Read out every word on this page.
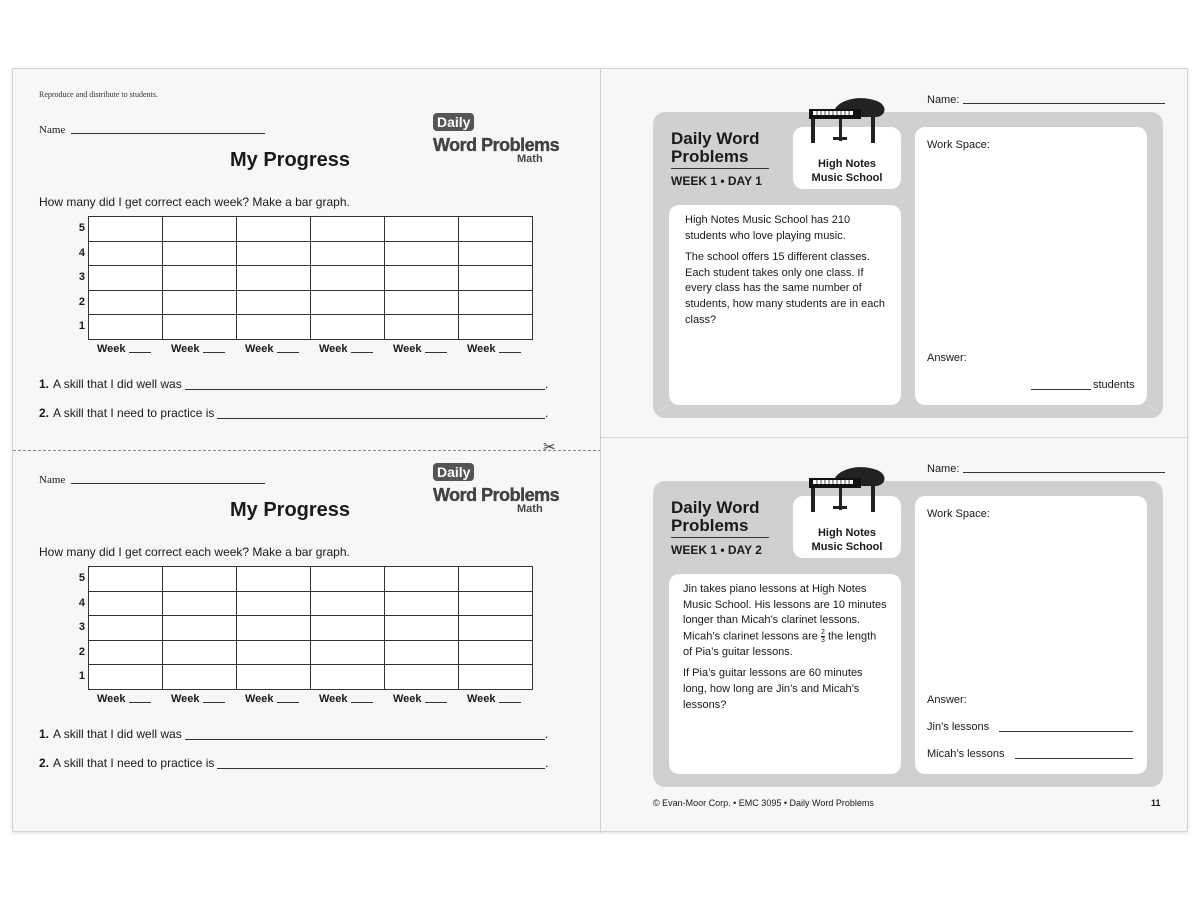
Reproduce and distribute to students.
Name
My Progress
Daily
Word Problems
Math
How many did I get correct each week? Make a bar graph.
5
4
3
2
1

Week	Week	Week	Week	Week	Week
1. A skill that I did well was	.
2. A skill that I need to practice is	.
✂
Name
My Progress
Daily
Word Problems
Math
How many did I get correct each week? Make a bar graph.
5
4
3
2
1

Week	Week	Week	Week	Week	Week
1. A skill that I did well was	.
2. A skill that I need to practice is	.
Name:
Daily Word
Problems
WEEK 1 • DAY 1
High Notes
Music School

High Notes Music School has 210 students who love playing music.

The school offers 15 different classes. Each student takes only one class. If every class has the same number of students, how many students are in each class?

Work Space:
Answer:
students
Name:
Daily Word
Problems
WEEK 1 • DAY 2
High Notes
Music School

Jin takes piano lessons at High Notes Music School. His lessons are 10 minutes longer than Micah’s clarinet lessons. Micah’s clarinet lessons are $\frac{2}{3}$ the length of Pia’s guitar lessons.

If Pia’s guitar lessons are 60 minutes long, how long are Jin’s and Micah’s lessons?

Work Space:
Answer:
Jin’s lessons
Micah’s lessons
© Evan-Moor Corp. • EMC 3095 • Daily Word Problems	11
